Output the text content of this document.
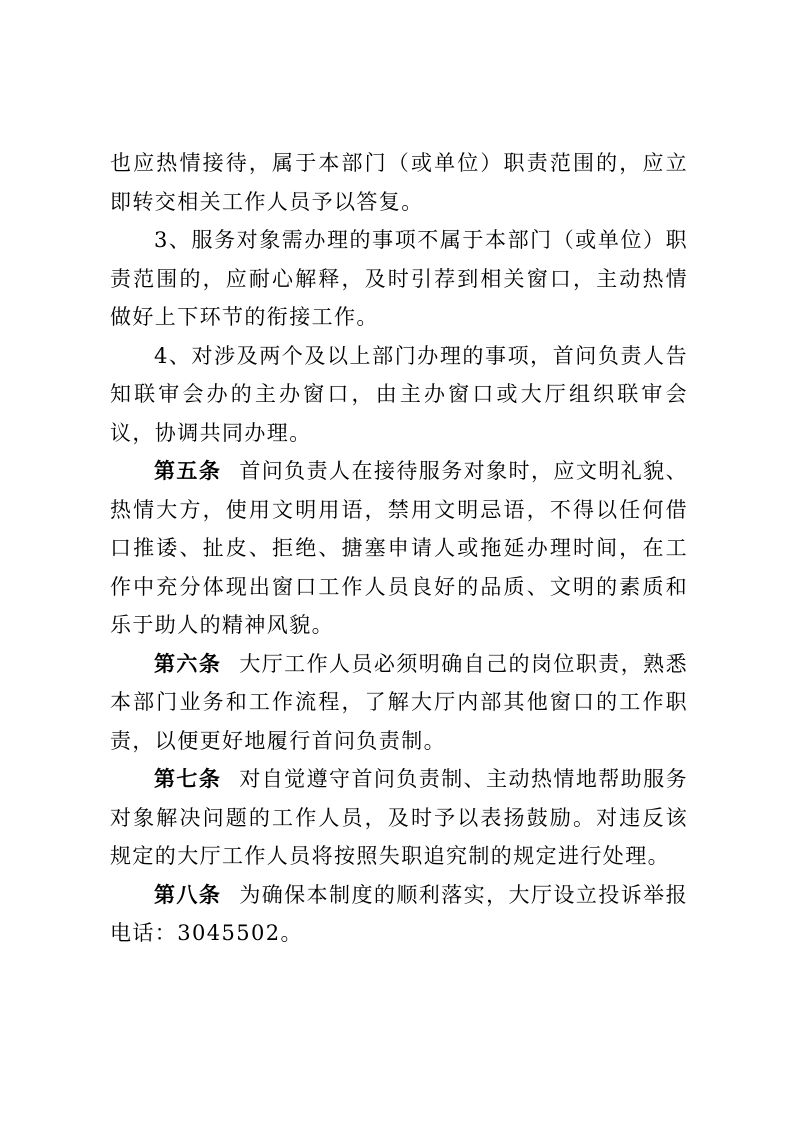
也应热情接待，属于本部门（或单位）职责范围的，应立即转交相关工作人员予以答复。

3、服务对象需办理的事项不属于本部门（或单位）职责范围的，应耐心解释，及时引荐到相关窗口，主动热情做好上下环节的衔接工作。

4、对涉及两个及以上部门办理的事项，首问负责人告知联审会办的主办窗口，由主办窗口或大厅组织联审会议，协调共同办理。

第五条 首问负责人在接待服务对象时，应文明礼貌、热情大方，使用文明用语，禁用文明忌语，不得以任何借口推诿、扯皮、拒绝、搪塞申请人或拖延办理时间，在工作中充分体现出窗口工作人员良好的品质、文明的素质和乐于助人的精神风貌。

第六条 大厅工作人员必须明确自己的岗位职责，熟悉本部门业务和工作流程，了解大厅内部其他窗口的工作职责，以便更好地履行首问负责制。

第七条 对自觉遵守首问负责制、主动热情地帮助服务对象解决问题的工作人员，及时予以表扬鼓励。对违反该规定的大厅工作人员将按照失职追究制的规定进行处理。

第八条 为确保本制度的顺利落实，大厅设立投诉举报电话：3045502。
